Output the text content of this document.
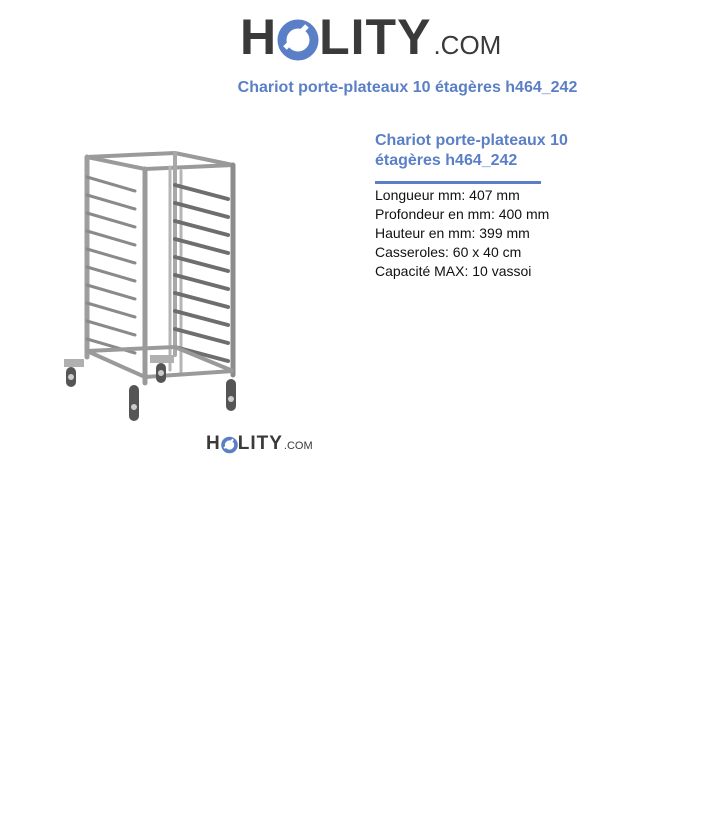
H LITY .COM
Chariot porte-plateaux 10 étagères h464_242
H LITY .COM
Chariot porte-plateaux 10
étagères h464_242
Longueur mm: 407 mm
Profondeur en mm: 400 mm
Hauteur en mm: 399 mm
Casseroles: 60 x 40 cm
Capacité MAX: 10 vassoi
